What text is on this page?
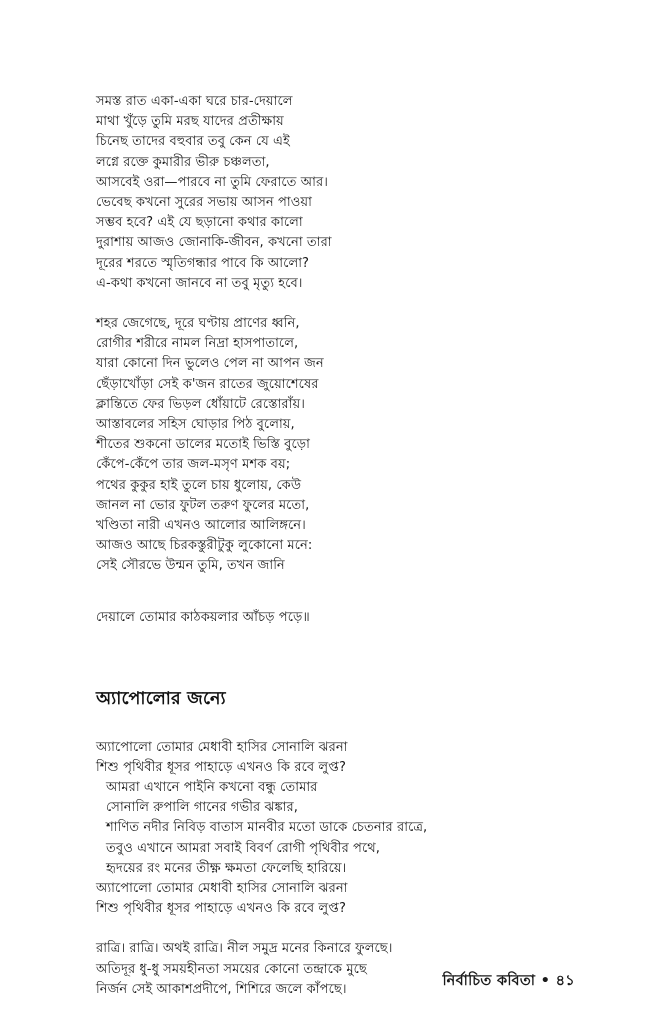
সমস্ত রাত একা-একা ঘরে চার-দেয়ালে
মাথা খুঁড়ে তুমি মরছ যাদের প্রতীক্ষায়
চিনেছ তাদের বহুবার তবু কেন যে এই
লগ্নে রক্তে কুমারীর ভীরু চঞ্চলতা,
আসবেই ওরা—পারবে না তুমি ফেরাতে আর।
ভেবেছ কখনো সুরের সভায় আসন পাওয়া
সম্ভব হবে? এই যে ছড়ানো কথার কালো
দুরাশায় আজও জোনাকি-জীবন, কখনো তারা
দূরের শরতে স্মৃতিগন্ধার পাবে কি আলো?
এ-কথা কখনো জানবে না তবু মৃত্যু হবে।
শহর জেগেছে, দূরে ঘণ্টায় প্রাণের ধ্বনি,
রোগীর শরীরে নামল নিদ্রা হাসপাতালে,
যারা কোনো দিন ভুলেও পেল না আপন জন
ছেঁড়াখোঁড়া সেই ক'জন রাতের জুয়োশেষের
ক্লান্তিতে ফের ভিড়ল ধোঁয়াটে রেস্তোরাঁয়।
আস্তাবলের সহিস ঘোড়ার পিঠ বুলোয়,
শীতের শুকনো ডালের মতোই ভিস্তি বুড়ো
কেঁপে-কেঁপে তার জল-মসৃণ মশক বয়;
পথের কুকুর হাই তুলে চায় ধুলোয়, কেউ
জানল না ভোর ফুটল তরুণ ফুলের মতো,
খণ্ডিতা নারী এখনও আলোর আলিঙ্গনে।
আজও আছে চিরকস্তুরীটুকু লুকোনো মনে:
সেই সৌরভে উন্মন তুমি, তখন জানি
দেয়ালে তোমার কাঠকয়লার আঁচড় পড়ে॥
অ্যাপোলোর জন্যে
অ্যাপোলো তোমার মেধাবী হাসির সোনালি ঝরনা
শিশু পৃথিবীর ধূসর পাহাড়ে এখনও কি রবে লুপ্ত?
আমরা এখানে পাইনি কখনো বন্ধু তোমার
সোনালি রুপালি গানের গভীর ঝঙ্কার,
শাণিত নদীর নিবিড় বাতাস মানবীর মতো ডাকে চেতনার রাত্রে,
তবুও এখানে আমরা সবাই বিবর্ণ রোগী পৃথিবীর পথে,
হৃদয়ের রং মনের তীক্ষ্ণ ক্ষমতা ফেলেছি হারিয়ে।
অ্যাপোলো তোমার মেধাবী হাসির সোনালি ঝরনা
শিশু পৃথিবীর ধূসর পাহাড়ে এখনও কি রবে লুপ্ত?
রাত্রি। রাত্রি। অথই রাত্রি। নীল সমুদ্র মনের কিনারে ফুলছে।
অতিদূর ধু-ধু সময়হীনতা সময়ের কোনো তন্দ্রাকে মুছে
নির্জন সেই আকাশপ্রদীপে, শিশিরে জলে কাঁপছে।
নির্বাচিত কবিতা • ৪১
